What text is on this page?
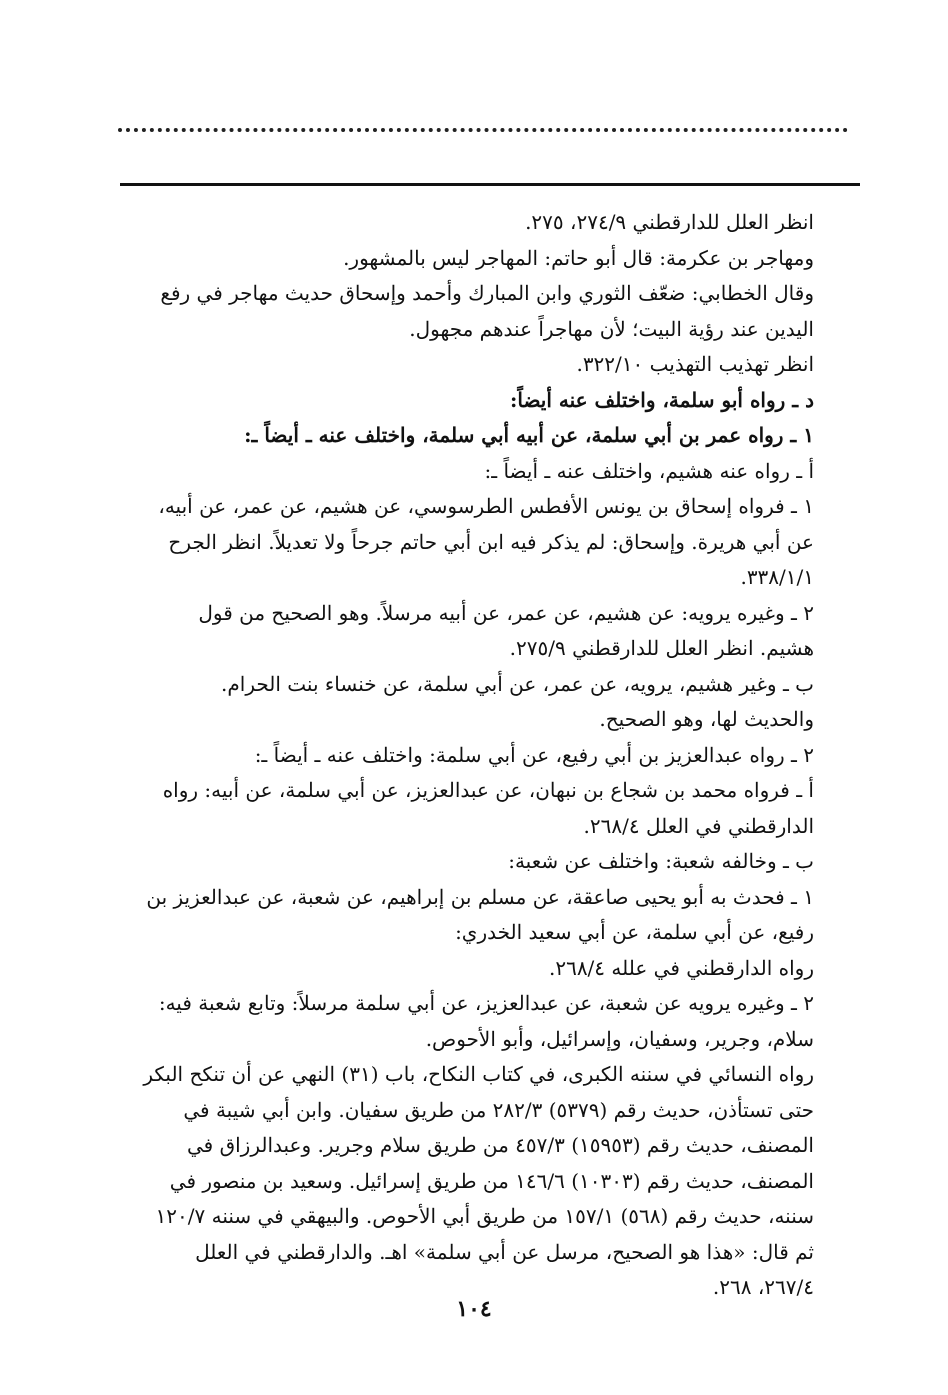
انظر العلل للدارقطني ٢٧٤/٩، ٢٧٥.
ومهاجر بن عكرمة: قال أبو حاتم: المهاجر ليس بالمشهور.
وقال الخطابي: ضعّف الثوري وابن المبارك وأحمد وإسحاق حديث مهاجر في رفع
اليدين عند رؤية البيت؛ لأن مهاجراً عندهم مجهول.
انظر تهذيب التهذيب ٣٢٢/١٠.
د ـ رواه أبو سلمة، واختلف عنه أيضاً:
١ ـ رواه عمر بن أبي سلمة، عن أبيه أبي سلمة، واختلف عنه ـ أيضاً ـ:
أ ـ رواه عنه هشيم، واختلف عنه ـ أيضاً ـ:
١ ـ فرواه إسحاق بن يونس الأفطس الطرسوسي، عن هشيم، عن عمر، عن أبيه،
عن أبي هريرة. وإسحاق: لم يذكر فيه ابن أبي حاتم جرحاً ولا تعديلاً. انظر الجرح
٣٣٨/١/١.
٢ ـ وغيره يرويه: عن هشيم، عن عمر، عن أبيه مرسلاً. وهو الصحيح من قول
هشيم. انظر العلل للدارقطني ٢٧٥/٩.
ب ـ وغير هشيم، يرويه، عن عمر، عن أبي سلمة، عن خنساء بنت الحرام.
والحديث لها، وهو الصحيح.
٢ ـ رواه عبدالعزيز بن أبي رفيع، عن أبي سلمة: واختلف عنه ـ أيضاً ـ:
أ ـ فرواه محمد بن شجاع بن نبهان، عن عبدالعزيز، عن أبي سلمة، عن أبيه: رواه
الدارقطني في العلل ٢٦٨/٤.
ب ـ وخالفه شعبة: واختلف عن شعبة:
١ ـ فحدث به أبو يحيى صاعقة، عن مسلم بن إبراهيم، عن شعبة، عن عبدالعزيز بن
رفيع، عن أبي سلمة، عن أبي سعيد الخدري:
رواه الدارقطني في علله ٢٦٨/٤.
٢ ـ وغيره يرويه عن شعبة، عن عبدالعزيز، عن أبي سلمة مرسلاً: وتابع شعبة فيه:
سلام، وجرير، وسفيان، وإسرائيل، وأبو الأحوص.
رواه النسائي في سننه الكبرى، في كتاب النكاح، باب (٣١) النهي عن أن تنكح البكر
حتى تستأذن، حديث رقم (٥٣٧٩) ٢٨٢/٣ من طريق سفيان. وابن أبي شيبة في
المصنف، حديث رقم (١٥٩٥٣) ٤٥٧/٣ من طريق سلام وجرير. وعبدالرزاق في
المصنف، حديث رقم (١٠٣٠٣) ١٤٦/٦ من طريق إسرائيل. وسعيد بن منصور في
سننه، حديث رقم (٥٦٨) ١٥٧/١ من طريق أبي الأحوص. والبيهقي في سننه ١٢٠/٧
ثم قال: «هذا هو الصحيح، مرسل عن أبي سلمة» اهـ. والدارقطني في العلل
٢٦٧/٤، ٢٦٨.
١٠٤
